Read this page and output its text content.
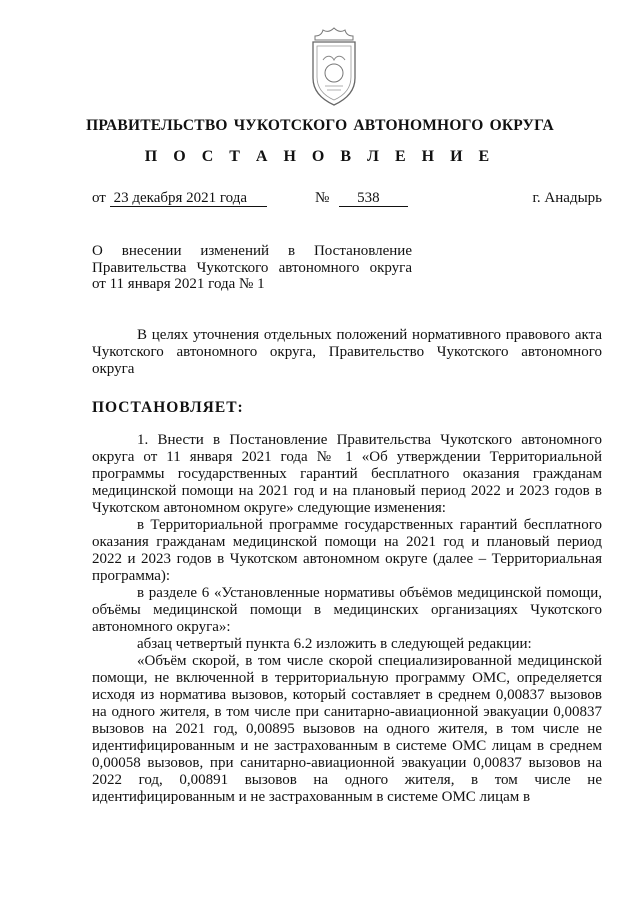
ПРАВИТЕЛЬСТВО ЧУКОТСКОГО АВТОНОМНОГО ОКРУГА
П О С Т А Н О В Л Е Н И Е
от 23 декабря 2021 года	№ 538	г. Анадырь

О внесении изменений в Постановление

Правительства Чукотского автономного округа

от 11 января 2021 года № 1

В целях уточнения отдельных положений нормативного правового акта Чукотского автономного округа, Правительство Чукотского автономного округа

ПОСТАНОВЛЯЕТ:

1. Внести в Постановление Правительства Чукотского автономного округа от 11 января 2021 года № 1 «Об утверждении Территориальной программы государственных гарантий бесплатного оказания гражданам медицинской помощи на 2021 год и на плановый период 2022 и 2023 годов в Чукотском автономном округе» следующие изменения:

в Территориальной программе государственных гарантий бесплатного оказания гражданам медицинской помощи на 2021 год и плановый период 2022 и 2023 годов в Чукотском автономном округе (далее – Территориальная программа):

в разделе 6 «Установленные нормативы объёмов медицинской помощи, объёмы медицинской помощи в медицинских организациях Чукотского автономного округа»:

абзац четвертый пункта 6.2 изложить в следующей редакции:

«Объём скорой, в том числе скорой специализированной медицинской помощи, не включенной в территориальную программу ОМС, определяется исходя из норматива вызовов, который составляет в среднем 0,00837 вызовов на одного жителя, в том числе при санитарно-авиационной эвакуации 0,00837 вызовов на 2021 год, 0,00895 вызовов на одного жителя, в том числе не идентифицированным и не застрахованным в системе ОМС лицам в среднем 0,00058 вызовов, при санитарно-авиационной эвакуации 0,00837 вызовов на 2022 год, 0,00891 вызовов на одного жителя, в том числе не идентифицированным и не застрахованным в системе ОМС лицам в
